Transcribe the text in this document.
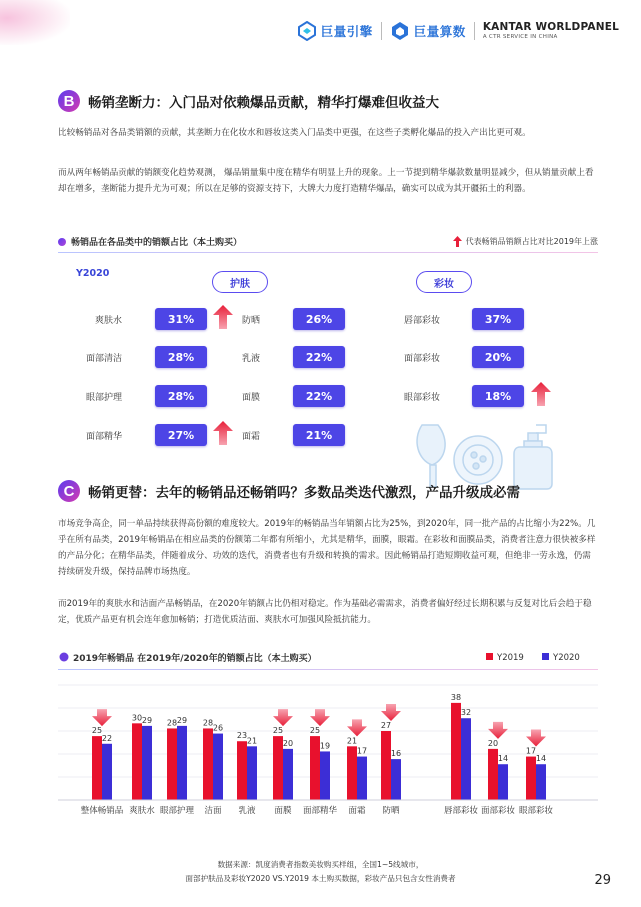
巨量引擎	巨量算数 KANTAR WORLDPANEL
A CTR SERVICE IN CHINA
B	畅销垄断力：入门品对依赖爆品贡献，精华打爆难但收益大
比较畅销品对各品类销额的贡献，其垄断力在化妆水和唇妆这类入门品类中更强，在这些子类孵化爆品的投入产出比更可观。
而从两年畅销品贡献的销额变化趋势观测， 爆品销量集中度在精华有明显上升的现象。上一节提到精华爆款数量明显减少，但从销量贡献上看却在增多，垄断能力提升尤为可观；所以在足够的资源支持下，大牌大力度打造精华爆品，确实可以成为其开疆拓土的利器。
畅销品在各品类中的销额占比（本土购买）	代表畅销品销额占比对比2019年上涨
Y2020
护肤	彩妆
爽肤水	31%
面部清洁	28%
眼部护理	28%
面部精华	27%
防晒	26%
乳液	22%
面膜	22%
面霜	21%
唇部彩妆	37%
面部彩妆	20%
眼部彩妆	18%
C	畅销更替：去年的畅销品还畅销吗？多数品类迭代激烈，产品升级成必需
市场竞争高企，同一单品持续获得高份额的难度较大。2019年的畅销品当年销额占比为25%，到2020年，同一批产品的占比缩小为22%。几乎在所有品类，2019年畅销品在相应品类的份额第二年都有所缩小，尤其是精华，面膜，眼霜。在彩妆和面膜品类，消费者注意力很快被多样的产品分化；在精华品类，伴随着成分、功效的迭代，消费者也有升级和转换的需求。因此畅销品打造短期收益可观，但绝非一劳永逸，仍需持续研发升级，保持品牌市场热度。
而2019年的爽肤水和洁面产品畅销品，在2020年销额占比仍相对稳定。作为基础必需需求，消费者偏好经过长期积累与反复对比后会趋于稳定，优质产品更有机会连年愈加畅销；打造优质洁面、爽肤水可加强风险抵抗能力。
2019年畅销品 在2019年/2020年的销额占比（本土购买）	Y2019	Y2020
25
22
整体畅销品
30 29
爽肤水
28 29
眼部护理
28
26
洁面
23
21
乳液
25
20
面膜
25
19
面部精华
21
17
面霜
27
16
防晒
38
32
唇部彩妆
20
14
面部彩妆
17
14
眼部彩妆
数据来源：凯度消费者指数美妆购买样组，全国1~5线城市，
面部护肤品及彩妆Y2020 VS.Y2019 本土购买数据，彩妆产品只包含女性消费者	29
